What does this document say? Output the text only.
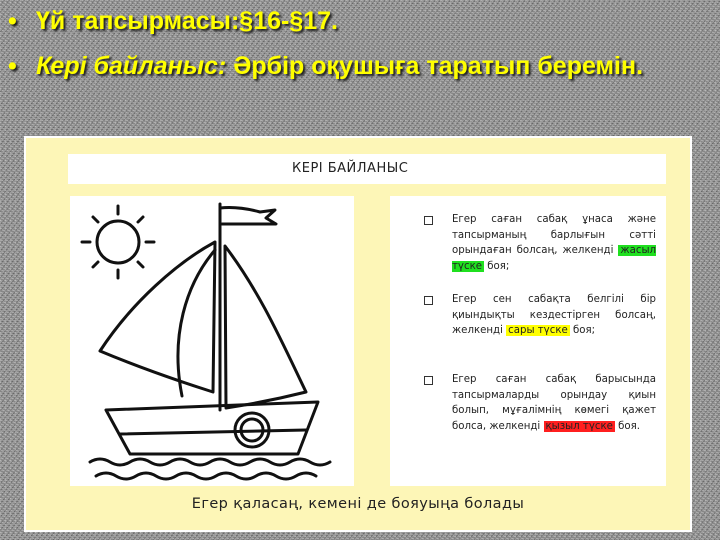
• Үй тапсырмасы:§16-§17.
• Кері байланыс: Әрбір оқушыға таратып беремін.
КЕРІ БАЙЛАНЫС
Егер саған сабақ ұнаса және тапсырманың барлығын сәтті орындаған болсаң, желкенді жасыл түске боя;
Егер сен сабақта белгілі бір қиындықты кездестірген болсаң, желкенді сары түске боя;
Егер саған сабақ барысында тапсырмаларды орындау қиын болып, мұғалімнің көмегі қажет болса, желкенді қызыл түске боя.
Егер қаласаң, кемені де бояуыңа болады
